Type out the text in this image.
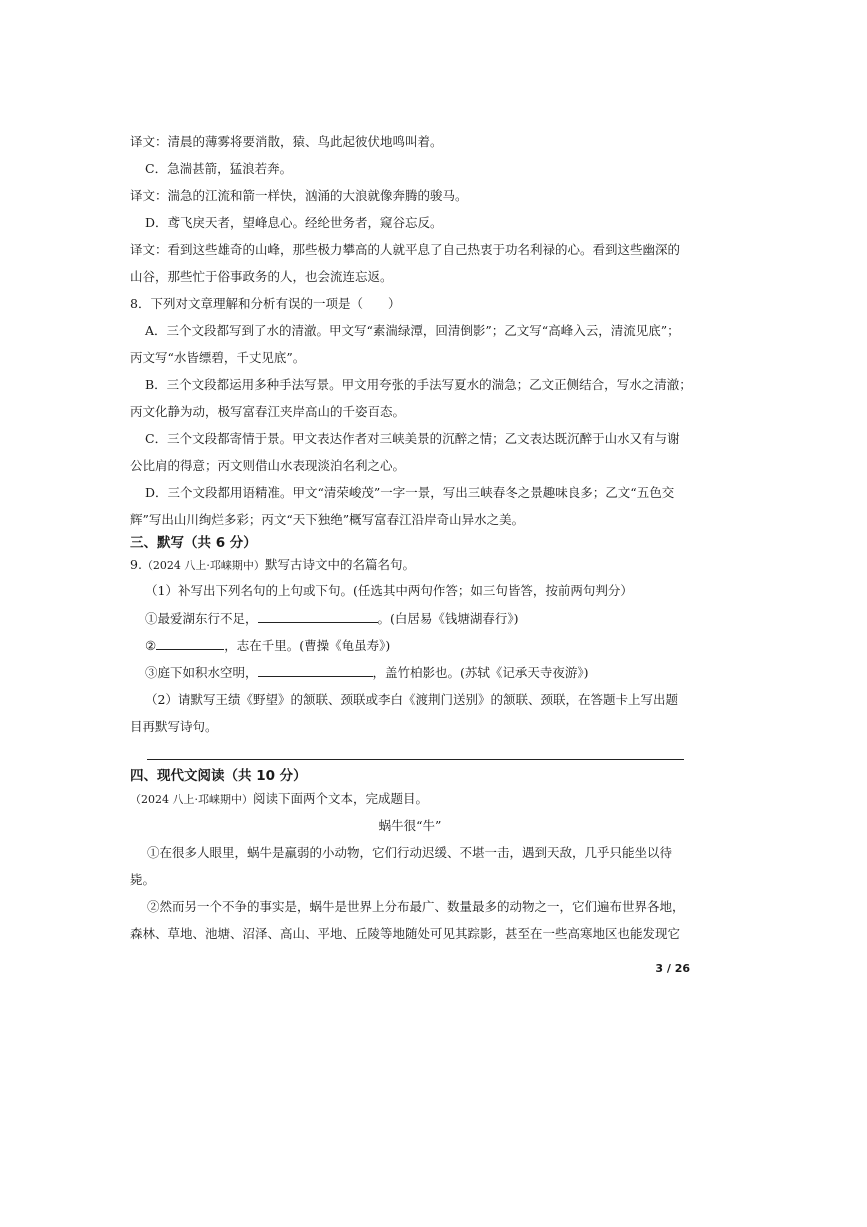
译文：清晨的薄雾将要消散，猿、鸟此起彼伏地鸣叫着。
C．急湍甚箭，猛浪若奔。
译文：湍急的江流和箭一样快，汹涌的大浪就像奔腾的骏马。
D．鸢飞戾天者，望峰息心。经纶世务者，窥谷忘反。
译文：看到这些雄奇的山峰，那些极力攀高的人就平息了自己热衷于功名利禄的心。看到这些幽深的
山谷，那些忙于俗事政务的人，也会流连忘返。
8．下列对文章理解和分析有误的一项是（　　）
A．三个文段都写到了水的清澈。甲文写“素湍绿潭，回清倒影”；乙文写“高峰入云，清流见底”；
丙文写“水皆缥碧，千丈见底”。
B．三个文段都运用多种手法写景。甲文用夸张的手法写夏水的湍急；乙文正侧结合，写水之清澈；
丙文化静为动，极写富春江夹岸高山的千姿百态。
C．三个文段都寄情于景。甲文表达作者对三峡美景的沉醉之情；乙文表达既沉醉于山水又有与谢
公比肩的得意；丙文则借山水表现淡泊名利之心。
D．三个文段都用语精准。甲文“清荣峻茂”一字一景，写出三峡春冬之景趣味良多；乙文“五色交
辉”写出山川绚烂多彩；丙文“天下独绝”概写富春江沿岸奇山异水之美。
三、默写（共 6 分）
9.（2024 八上·邛崃期中）默写古诗文中的名篇名句。
（1）补写出下列名句的上句或下句。(任选其中两句作答；如三句皆答，按前两句判分）
①最爱湖东行不足，	。(白居易《钱塘湖春行》)
②	，志在千里。(曹操《龟虽寿》)
③庭下如积水空明，	，盖竹柏影也。(苏轼《记承天寺夜游》)
（2）请默写王绩《野望》的颔联、颈联或李白《渡荆门送别》的颔联、颈联，在答题卡上写出题
目再默写诗句。
四、现代文阅读（共 10 分）
（2024 八上·邛崃期中）阅读下面两个文本，完成题目。
蜗牛很“牛”
①在很多人眼里，蜗牛是羸弱的小动物，它们行动迟缓、不堪一击，遇到天敌，几乎只能坐以待
毙。
②然而另一个不争的事实是，蜗牛是世界上分布最广、数量最多的动物之一，它们遍布世界各地，
森林、草地、池塘、沼泽、高山、平地、丘陵等地随处可见其踪影，甚至在一些高寒地区也能发现它
3 / 26
